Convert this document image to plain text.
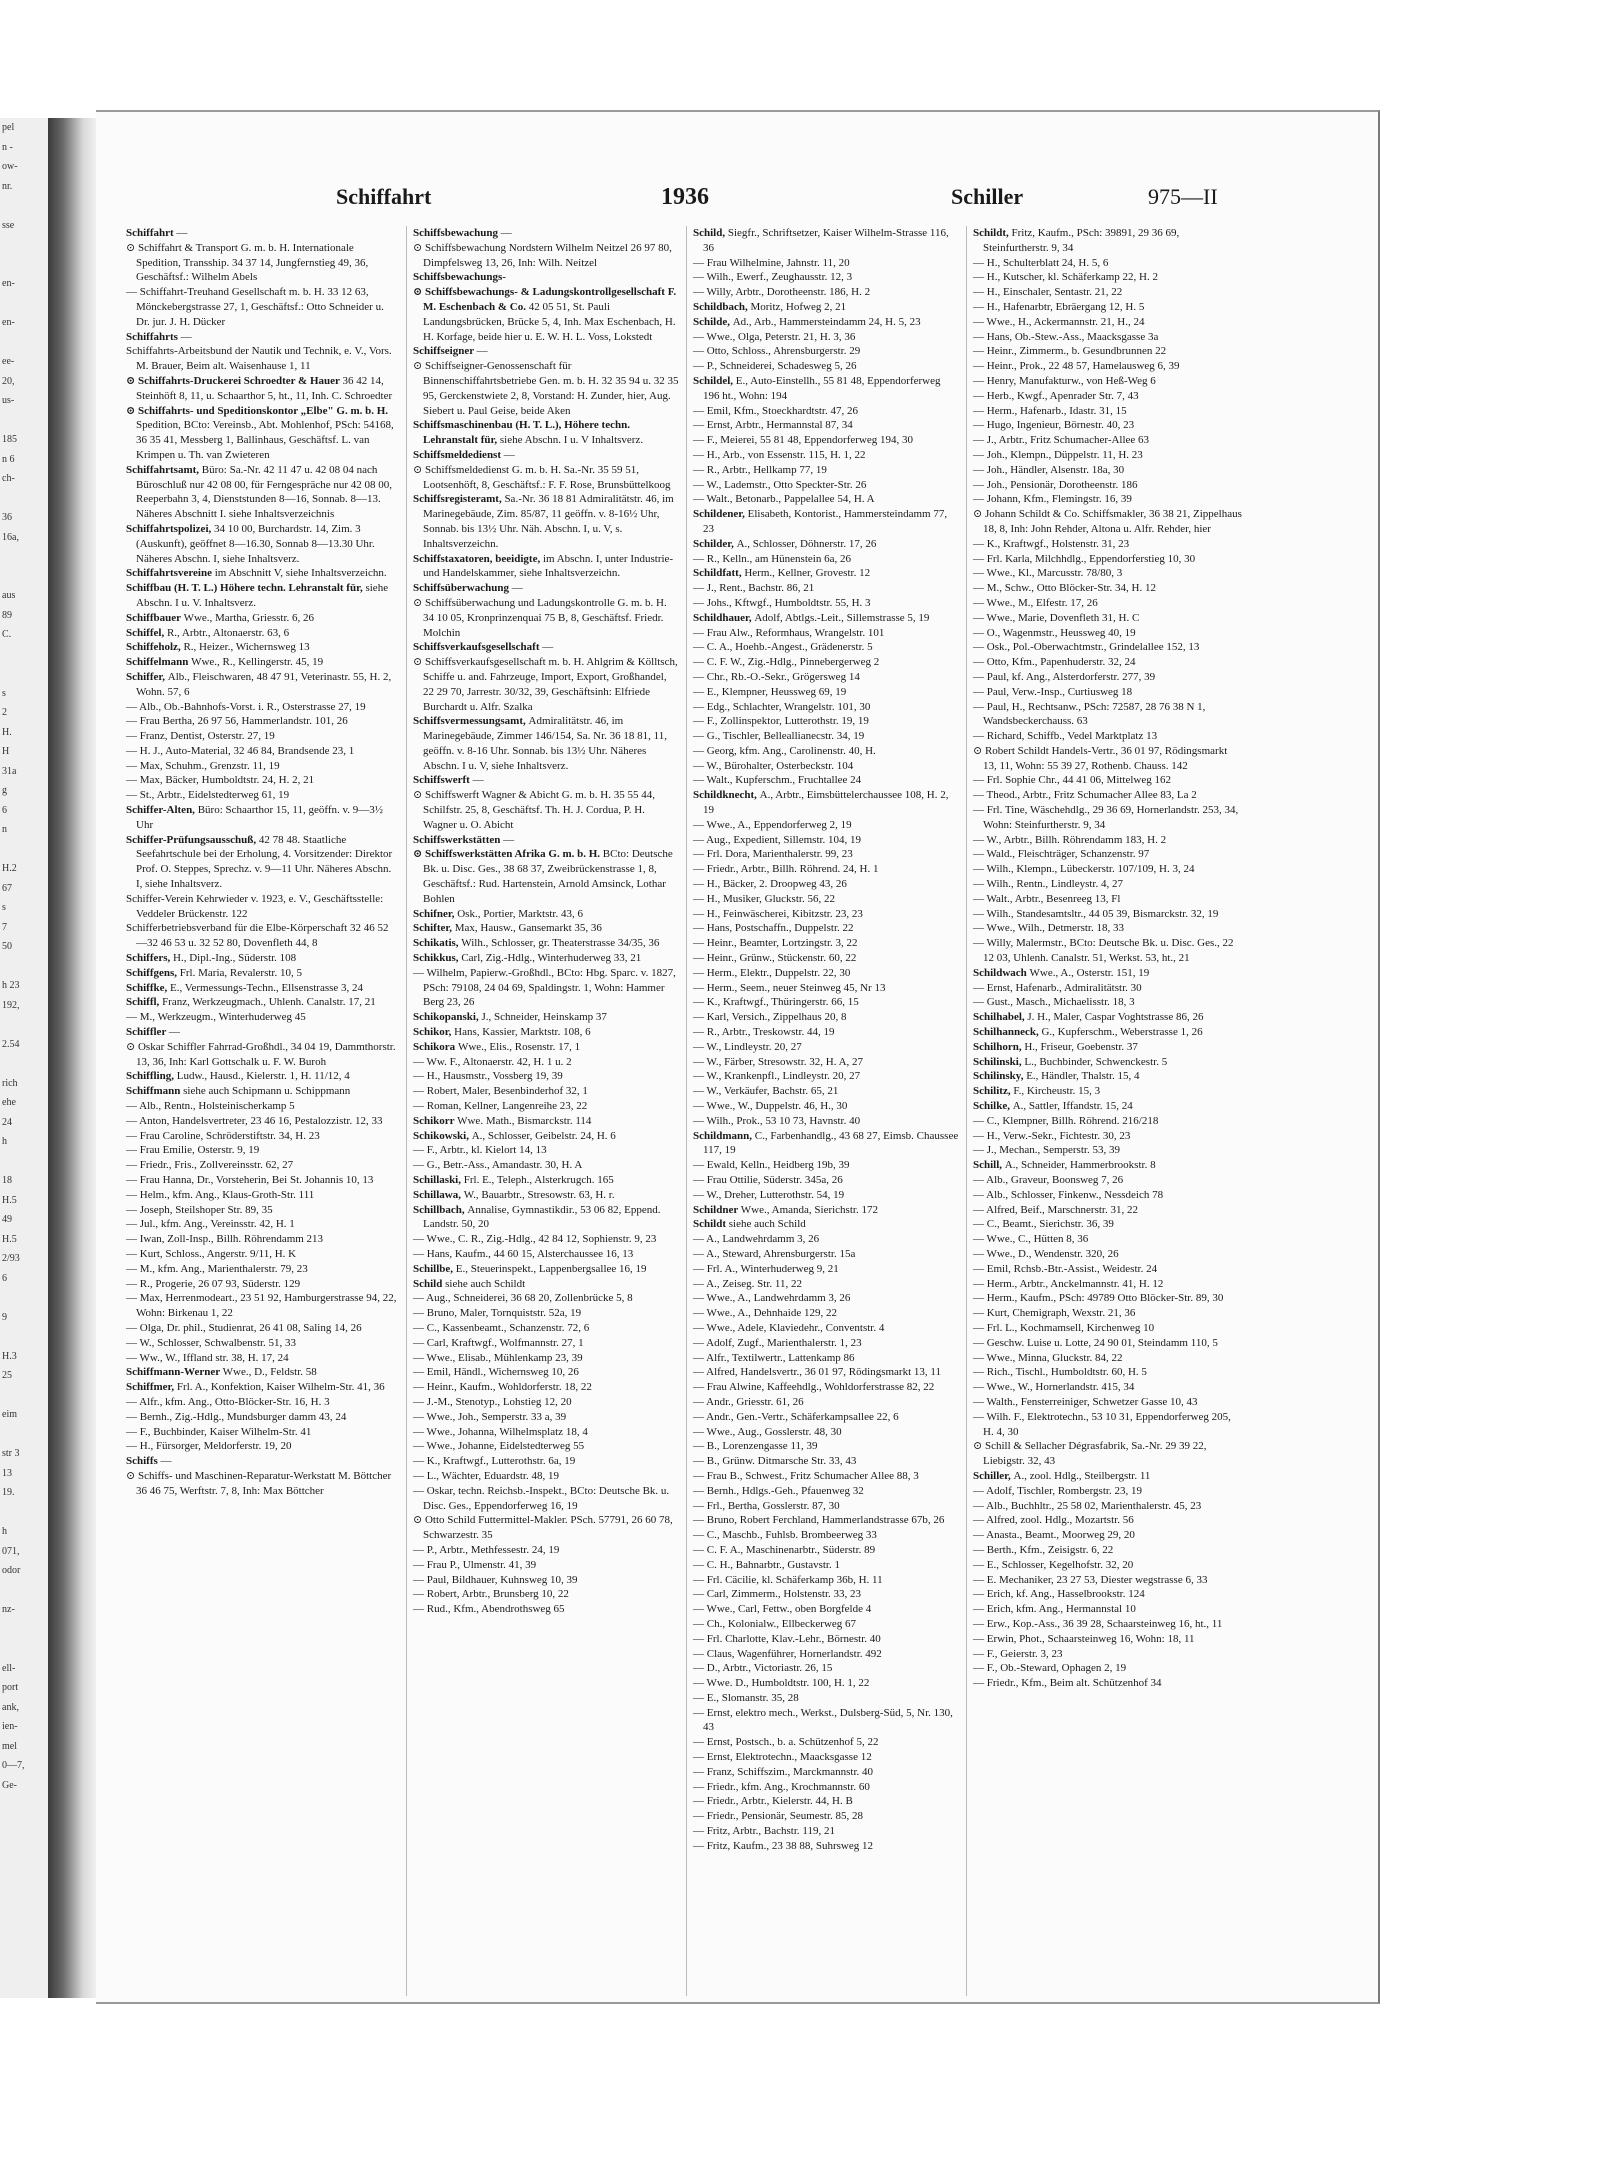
pel
n -
ow-
nr.

sse

en-

en-

ee-
20,
us-

185
n 6
ch-

36
16a,

aus
89
C.

s
2
H.
H
31a
g
6
n

H.2
67
s
7
50

h 23
192,

2.54

rich
ehe
24
h

18
H.5
49
H.5
2/93
6

9

H.3
25

eim

str 3
13
19.

h
071,
odor

nz-

ell-
port
ank,
ien-
mel
0—7,
Ge-
Schiffahrt	1936	Schiller	975—II

Schiffahrt —

⊙ Schiffahrt & Transport G. m. b. H. Internationale Spedition, Transship. 34 37 14, Jungfernstieg 49, 36, Geschäftsf.: Wilhelm Abels

— Schiffahrt-Treuhand Gesellschaft m. b. H. 33 12 63, Mönckebergstrasse 27, 1, Geschäftsf.: Otto Schneider u. Dr. jur. J. H. Dücker

Schiffahrts —

Schiffahrts-Arbeitsbund der Nautik und Technik, e. V., Vors. M. Brauer, Beim alt. Waisenhause 1, 11

⊙ Schiffahrts-Druckerei Schroedter & Hauer 36 42 14, Steinhöft 8, 11, u. Schaarthor 5, ht., 11, Inh. C. Schroedter

⊙ Schiffahrts- und Speditionskontor „Elbe" G. m. b. H. Spedition, BCto: Vereinsb., Abt. Mohlenhof, PSch: 54168, 36 35 41, Messberg 1, Ballinhaus, Geschäftsf. L. van Krimpen u. Th. van Zwieteren

Schiffahrtsamt, Büro: Sa.-Nr. 42 11 47 u. 42 08 04 nach Büroschluß nur 42 08 00, für Ferngespräche nur 42 08 00, Reeperbahn 3, 4, Dienststunden 8—16, Sonnab. 8—13. Näheres Abschnitt I. siehe Inhaltsverzeichnis

Schiffahrtspolizei, 34 10 00, Burchardstr. 14, Zim. 3 (Auskunft), geöffnet 8—16.30, Sonnab 8—13.30 Uhr. Näheres Abschn. I, siehe Inhaltsverz.

Schiffahrtsvereine im Abschnitt V, siehe Inhaltsverzeichn.

Schiffbau (H. T. L.) Höhere techn. Lehranstalt für, siehe Abschn. I u. V. Inhaltsverz.

Schiffbauer Wwe., Martha, Griesstr. 6, 26

Schiffel, R., Arbtr., Altonaerstr. 63, 6

Schiffeholz, R., Heizer., Wichernsweg 13

Schiffelmann Wwe., R., Kellingerstr. 45, 19

Schiffer, Alb., Fleischwaren, 48 47 91, Veterinastr. 55, H. 2, Wohn. 57, 6

— Alb., Ob.-Bahnhofs-Vorst. i. R., Osterstrasse 27, 19

— Frau Bertha, 26 97 56, Hammerlandstr. 101, 26

— Franz, Dentist, Osterstr. 27, 19

— H. J., Auto-Material, 32 46 84, Brandsende 23, 1

— Max, Schuhm., Grenzstr. 11, 19

— Max, Bäcker, Humboldtstr. 24, H. 2, 21

— St., Arbtr., Eidelstedterweg 61, 19

Schiffer-Alten, Büro: Schaarthor 15, 11, geöffn. v. 9—3½ Uhr

Schiffer-Prüfungsausschuß, 42 78 48. Staatliche Seefahrtschule bei der Erholung, 4. Vorsitzender: Direktor Prof. O. Steppes, Sprechz. v. 9—11 Uhr. Näheres Abschn. I, siehe Inhaltsverz.

Schiffer-Verein Kehrwieder v. 1923, e. V., Geschäftsstelle: Veddeler Brückenstr. 122

Schifferbetriebsverband für die Elbe-Körperschaft 32 46 52—32 46 53 u. 32 52 80, Dovenfleth 44, 8

Schiffers, H., Dipl.-Ing., Süderstr. 108

Schiffgens, Frl. Maria, Revalerstr. 10, 5

Schiffke, E., Vermessungs-Techn., Ellsenstrasse 3, 24

Schiffl, Franz, Werkzeugmach., Uhlenh. Canalstr. 17, 21

— M., Werkzeugm., Winterhuderweg 45

Schiffler —

⊙ Oskar Schiffler Fahrrad-Großhdl., 34 04 19, Dammthorstr. 13, 36, Inh: Karl Gottschalk u. F. W. Buroh

Schiffling, Ludw., Hausd., Kielerstr. 1, H. 11/12, 4

Schiffmann siehe auch Schipmann u. Schippmann

— Alb., Rentn., Holsteinischerkamp 5

— Anton, Handelsvertreter, 23 46 16, Pestalozzistr. 12, 33

— Frau Caroline, Schröderstiftstr. 34, H. 23

— Frau Emilie, Osterstr. 9, 19

— Friedr., Fris., Zollvereinsstr. 62, 27

— Frau Hanna, Dr., Vorsteherin, Bei St. Johannis 10, 13

— Helm., kfm. Ang., Klaus-Groth-Str. 111

— Joseph, Steilshoper Str. 89, 35

— Jul., kfm. Ang., Vereinsstr. 42, H. 1

— Iwan, Zoll-Insp., Billh. Röhrendamm 213

— Kurt, Schloss., Angerstr. 9/11, H. K

— M., kfm. Ang., Marienthalerstr. 79, 23

— R., Progerie, 26 07 93, Süderstr. 129

— Max, Herrenmodeart., 23 51 92, Hamburgerstrasse 94, 22, Wohn: Birkenau 1, 22

— Olga, Dr. phil., Studienrat, 26 41 08, Saling 14, 26

— W., Schlosser, Schwalbenstr. 51, 33

— Ww., W., Iffland str. 38, H. 17, 24

Schiffmann-Werner Wwe., D., Feldstr. 58

Schiffmer, Frl. A., Konfektion, Kaiser Wilhelm-Str. 41, 36

— Alfr., kfm. Ang., Otto-Blöcker-Str. 16, H. 3

— Bernh., Zig.-Hdlg., Mundsburger damm 43, 24

— F., Buchbinder, Kaiser Wilhelm-Str. 41

— H., Fürsorger, Meldorferstr. 19, 20

Schiffs —

⊙ Schiffs- und Maschinen-Reparatur-Werkstatt M. Böttcher 36 46 75, Werftstr. 7, 8, Inh: Max Böttcher

Schiffsbewachung —

⊙ Schiffsbewachung Nordstern Wilhelm Neitzel 26 97 80, Dimpfelsweg 13, 26, Inh: Wilh. Neitzel

Schiffsbewachungs-

⊙ Schiffsbewachungs- & Ladungskontrollgesellschaft F. M. Eschenbach & Co. 42 05 51, St. Pauli Landungsbrücken, Brücke 5, 4, Inh. Max Eschenbach, H. H. Korfage, beide hier u. E. W. H. L. Voss, Lokstedt

Schiffseigner —

⊙ Schiffseigner-Genossenschaft für Binnenschiffahrtsbetriebe Gen. m. b. H. 32 35 94 u. 32 35 95, Gerckenstwiete 2, 8, Vorstand: H. Zunder, hier, Aug. Siebert u. Paul Geise, beide Aken

Schiffsmaschinenbau (H. T. L.), Höhere techn. Lehranstalt für, siehe Abschn. I u. V Inhaltsverz.

Schiffsmeldedienst —

⊙ Schiffsmeldedienst G. m. b. H. Sa.-Nr. 35 59 51, Lootsenhöft, 8, Geschäftsf.: F. F. Rose, Brunsbüttelkoog

Schiffsregisteramt, Sa.-Nr. 36 18 81 Admiralitätstr. 46, im Marinegebäude, Zim. 85/87, 11 geöffn. v. 8-16½ Uhr, Sonnab. bis 13½ Uhr. Näh. Abschn. I, u. V, s. Inhaltsverzeichn.

Schiffstaxatoren, beeidigte, im Abschn. I, unter Industrie- und Handelskammer, siehe Inhaltsverzeichn.

Schiffsüberwachung —

⊙ Schiffsüberwachung und Ladungskontrolle G. m. b. H. 34 10 05, Kronprinzenquai 75 B, 8, Geschäftsf. Friedr. Molchin

Schiffsverkaufsgesellschaft —

⊙ Schiffsverkaufsgesellschaft m. b. H. Ahlgrim & Kölltsch, Schiffe u. and. Fahrzeuge, Import, Export, Großhandel, 22 29 70, Jarrestr. 30/32, 39, Geschäftsinh: Elfriede Burchardt u. Alfr. Szalka

Schiffsvermessungsamt, Admiralitätstr. 46, im Marinegebäude, Zimmer 146/154, Sa. Nr. 36 18 81, 11, geöffn. v. 8-16 Uhr. Sonnab. bis 13½ Uhr. Näheres Abschn. I u. V, siehe Inhaltsverz.

Schiffswerft —

⊙ Schiffswerft Wagner & Abicht G. m. b. H. 35 55 44, Schilfstr. 25, 8, Geschäftsf. Th. H. J. Cordua, P. H. Wagner u. O. Abicht

Schiffswerkstätten —

⊙ Schiffswerkstätten Afrika G. m. b. H. BCto: Deutsche Bk. u. Disc. Ges., 38 68 37, Zweibrückenstrasse 1, 8, Geschäftsf.: Rud. Hartenstein, Arnold Amsinck, Lothar Bohlen

Schifner, Osk., Portier, Marktstr. 43, 6

Schifter, Max, Hausw., Gansemarkt 35, 36

Schikatis, Wilh., Schlosser, gr. Theaterstrasse 34/35, 36

Schikkus, Carl, Zig.-Hdlg., Winterhuderweg 33, 21

— Wilhelm, Papierw.-Großhdl., BCto: Hbg. Sparc. v. 1827, PSch: 79108, 24 04 69, Spaldingstr. 1, Wohn: Hammer Berg 23, 26

Schikopanski, J., Schneider, Heinskamp 37

Schikor, Hans, Kassier, Marktstr. 108, 6

Schikora Wwe., Elis., Rosenstr. 17, 1

— Ww. F., Altonaerstr. 42, H. 1 u. 2

— H., Hausmstr., Vossberg 19, 39

— Robert, Maler, Besenbinderhof 32, 1

— Roman, Kellner, Langenreihe 23, 22

Schikorr Wwe. Math., Bismarckstr. 114

Schikowski, A., Schlosser, Geibelstr. 24, H. 6

— F., Arbtr., kl. Kielort 14, 13

— G., Betr.-Ass., Amandastr. 30, H. A

Schillaski, Frl. E., Teleph., Alsterkrugch. 165

Schillawa, W., Bauarbtr., Stresowstr. 63, H. r.

Schillbach, Annalise, Gymnastikdir., 53 06 82, Eppend. Landstr. 50, 20

— Wwe., C. R., Zig.-Hdlg., 42 84 12, Sophienstr. 9, 23

— Hans, Kaufm., 44 60 15, Alsterchaussee 16, 13

Schillbe, E., Steuerinspekt., Lappenbergsallee 16, 19

Schild siehe auch Schildt

— Aug., Schneiderei, 36 68 20, Zollenbrücke 5, 8

— Bruno, Maler, Tornquiststr. 52a, 19

— C., Kassenbeamt., Schanzenstr. 72, 6

— Carl, Kraftwgf., Wolfmannstr. 27, 1

— Wwe., Elisab., Mühlenkamp 23, 39

— Emil, Händl., Wichernsweg 10, 26

— Heinr., Kaufm., Wohldorferstr. 18, 22

— J.-M., Stenotyp., Lohstieg 12, 20

— Wwe., Joh., Semperstr. 33 a, 39

— Wwe., Johanna, Wilhelmsplatz 18, 4

— Wwe., Johanne, Eidelstedterweg 55

— K., Kraftwgf., Lutterothstr. 6a, 19

— L., Wächter, Eduardstr. 48, 19

— Oskar, techn. Reichsb.-Inspekt., BCto: Deutsche Bk. u. Disc. Ges., Eppendorferweg 16, 19

⊙ Otto Schild Futtermittel-Makler. PSch. 57791, 26 60 78, Schwarzestr. 35

— P., Arbtr., Methfessestr. 24, 19

— Frau P., Ulmenstr. 41, 39

— Paul, Bildhauer, Kuhnsweg 10, 39

— Robert, Arbtr., Brunsberg 10, 22

— Rud., Kfm., Abendrothsweg 65

Schild, Siegfr., Schriftsetzer, Kaiser Wilhelm-Strasse 116, 36

— Frau Wilhelmine, Jahnstr. 11, 20

— Wilh., Ewerf., Zeughausstr. 12, 3

— Willy, Arbtr., Dorotheenstr. 186, H. 2

Schildbach, Moritz, Hofweg 2, 21

Schilde, Ad., Arb., Hammersteindamm 24, H. 5, 23

— Wwe., Olga, Peterstr. 21, H. 3, 36

— Otto, Schloss., Ahrensburgerstr. 29

— P., Schneiderei, Schadesweg 5, 26

Schildel, E., Auto-Einstellh., 55 81 48, Eppendorferweg 196 ht., Wohn: 194

— Emil, Kfm., Stoeckhardtstr. 47, 26

— Ernst, Arbtr., Hermannstal 87, 34

— F., Meierei, 55 81 48, Eppendorferweg 194, 30

— H., Arb., von Essenstr. 115, H. 1, 22

— R., Arbtr., Hellkamp 77, 19

— W., Lademstr., Otto Speckter-Str. 26

— Walt., Betonarb., Pappelallee 54, H. A

Schildener, Elisabeth, Kontorist., Hammersteindamm 77, 23

Schilder, A., Schlosser, Döhnerstr. 17, 26

— R., Kelln., am Hünenstein 6a, 26

Schildfatt, Herm., Kellner, Grovestr. 12

— J., Rent., Bachstr. 86, 21

— Johs., Kftwgf., Humboldtstr. 55, H. 3

Schildhauer, Adolf, Abtlgs.-Leit., Sillemstrasse 5, 19

— Frau Alw., Reformhaus, Wrangelstr. 101

— C. A., Hoehb.-Angest., Grädenerstr. 5

— C. F. W., Zig.-Hdlg., Pinnebergerweg 2

— Chr., Rb.-O.-Sekr., Grögersweg 14

— E., Klempner, Heussweg 69, 19

— Edg., Schlachter, Wrangelstr. 101, 30

— F., Zollinspektor, Lutterothstr. 19, 19

— G., Tischler, Belleallianecstr. 34, 19

— Georg, kfm. Ang., Carolinenstr. 40, H.

— W., Bürohalter, Osterbeckstr. 104

— Walt., Kupferschm., Fruchtallee 24

Schildknecht, A., Arbtr., Eimsbüttelerchaussee 108, H. 2, 19

— Wwe., A., Eppendorferweg 2, 19

— Aug., Expedient, Sillemstr. 104, 19

— Frl. Dora, Marienthalerstr. 99, 23

— Friedr., Arbtr., Billh. Röhrend. 24, H. 1

— H., Bäcker, 2. Droopweg 43, 26

— H., Musiker, Gluckstr. 56, 22

— H., Feinwäscherei, Kibitzstr. 23, 23

— Hans, Postschaffn., Duppelstr. 22

— Heinr., Beamter, Lortzingstr. 3, 22

— Heinr., Grünw., Stückenstr. 60, 22

— Herm., Elektr., Duppelstr. 22, 30

— Herm., Seem., neuer Steinweg 45, Nr 13

— K., Kraftwgf., Thüringerstr. 66, 15

— Karl, Versich., Zippelhaus 20, 8

— R., Arbtr., Treskowstr. 44, 19

— W., Lindleystr. 20, 27

— W., Färber, Stresowstr. 32, H. A, 27

— W., Krankenpfl., Lindleystr. 20, 27

— W., Verkäufer, Bachstr. 65, 21

— Wwe., W., Duppelstr. 46, H., 30

— Wilh., Prok., 53 10 73, Havnstr. 40

Schildmann, C., Farbenhandlg., 43 68 27, Eimsb. Chaussee 117, 19

— Ewald, Kelln., Heidberg 19b, 39

— Frau Ottilie, Süderstr. 345a, 26

— W., Dreher, Lutterothstr. 54, 19

Schildner Wwe., Amanda, Sierichstr. 172

Schildt siehe auch Schild

— A., Landwehrdamm 3, 26

— A., Steward, Ahrensburgerstr. 15a

— Frl. A., Winterhuderweg 9, 21

— A., Zeiseg. Str. 11, 22

— Wwe., A., Landwehrdamm 3, 26

— Wwe., A., Dehnhaide 129, 22

— Wwe., Adele, Klaviedehr., Conventstr. 4

— Adolf, Zugf., Marienthalerstr. 1, 23

— Alfr., Textilwertr., Lattenkamp 86

— Alfred, Handelsvertr., 36 01 97, Rödingsmarkt 13, 11

— Frau Alwine, Kaffeehdlg., Wohldorferstrasse 82, 22

— Andr., Griesstr. 61, 26

— Andr., Gen.-Vertr., Schäferkampsallee 22, 6

— Wwe., Aug., Gosslerstr. 48, 30

— B., Lorenzengasse 11, 39

— B., Grünw. Ditmarsche Str. 33, 43

— Frau B., Schwest., Fritz Schumacher Allee 88, 3

— Bernh., Hdlgs.-Geh., Pfauenweg 32

— Frl., Bertha, Gosslerstr. 87, 30

— Bruno, Robert Ferchland, Hammerlandstrasse 67b, 26

— C., Maschb., Fuhlsb. Brombeerweg 33

— C. F. A., Maschinenarbtr., Süderstr. 89

— C. H., Bahnarbtr., Gustavstr. 1

— Frl. Cäcilie, kl. Schäferkamp 36b, H. 11

— Carl, Zimmerm., Holstenstr. 33, 23

— Wwe., Carl, Fettw., oben Borgfelde 4

— Ch., Kolonialw., Ellbeckerweg 67

— Frl. Charlotte, Klav.-Lehr., Börnestr. 40

— Claus, Wagenführer, Hornerlandstr. 492

— D., Arbtr., Victoriastr. 26, 15

— Wwe. D., Humboldtstr. 100, H. 1, 22

— E., Slomanstr. 35, 28

— Ernst, elektro mech., Werkst., Dulsberg-Süd, 5, Nr. 130, 43

— Ernst, Postsch., b. a. Schützenhof 5, 22

— Ernst, Elektrotechn., Maacksgasse 12

— Franz, Schiffszim., Marckmannstr. 40

— Friedr., kfm. Ang., Krochmannstr. 60

— Friedr., Arbtr., Kielerstr. 44, H. B

— Friedr., Pensionär, Seumestr. 85, 28

— Fritz, Arbtr., Bachstr. 119, 21

— Fritz, Kaufm., 23 38 88, Suhrsweg 12

Schildt, Fritz, Kaufm., PSch: 39891, 29 36 69, Steinfurtherstr. 9, 34

— H., Schulterblatt 24, H. 5, 6

— H., Kutscher, kl. Schäferkamp 22, H. 2

— H., Einschaler, Sentastr. 21, 22

— H., Hafenarbtr, Ebräergang 12, H. 5

— Wwe., H., Ackermannstr. 21, H., 24

— Hans, Ob.-Stew.-Ass., Maacksgasse 3a

— Heinr., Zimmerm., b. Gesundbrunnen 22

— Heinr., Prok., 22 48 57, Hamelausweg 6, 39

— Henry, Manufakturw., von Heß-Weg 6

— Herb., Kwgf., Apenrader Str. 7, 43

— Herm., Hafenarb., Idastr. 31, 15

— Hugo, Ingenieur, Börnestr. 40, 23

— J., Arbtr., Fritz Schumacher-Allee 63

— Joh., Klempn., Düppelstr. 11, H. 23

— Joh., Händler, Alsenstr. 18a, 30

— Joh., Pensionär, Dorotheenstr. 186

— Johann, Kfm., Flemingstr. 16, 39

⊙ Johann Schildt & Co. Schiffsmakler, 36 38 21, Zippelhaus 18, 8, Inh: John Rehder, Altona u. Alfr. Rehder, hier

— K., Kraftwgf., Holstenstr. 31, 23

— Frl. Karla, Milchhdlg., Eppendorferstieg 10, 30

— Wwe., Kl., Marcusstr. 78/80, 3

— M., Schw., Otto Blöcker-Str. 34, H. 12

— Wwe., M., Elfestr. 17, 26

— Wwe., Marie, Dovenfleth 31, H. C

— O., Wagenmstr., Heussweg 40, 19

— Osk., Pol.-Oberwachtmstr., Grindelallee 152, 13

— Otto, Kfm., Papenhuderstr. 32, 24

— Paul, kf. Ang., Alsterdorferstr. 277, 39

— Paul, Verw.-Insp., Curtiusweg 18

— Paul, H., Rechtsanw., PSch: 72587, 28 76 38 N 1, Wandsbeckerchauss. 63

— Richard, Schiffb., Vedel Marktplatz 13

⊙ Robert Schildt Handels-Vertr., 36 01 97, Rödingsmarkt 13, 11, Wohn: 55 39 27, Rothenb. Chauss. 142

— Frl. Sophie Chr., 44 41 06, Mittelweg 162

— Theod., Arbtr., Fritz Schumacher Allee 83, La 2

— Frl. Tine, Wäschehdlg., 29 36 69, Hornerlandstr. 253, 34, Wohn: Steinfurtherstr. 9, 34

— W., Arbtr., Billh. Röhrendamm 183, H. 2

— Wald., Fleischträger, Schanzenstr. 97

— Wilh., Klempn., Lübeckerstr. 107/109, H. 3, 24

— Wilh., Rentn., Lindleystr. 4, 27

— Walt., Arbtr., Besenreeg 13, Fl

— Wilh., Standesamtsltr., 44 05 39, Bismarckstr. 32, 19

— Wwe., Wilh., Detmerstr. 18, 33

— Willy, Malermstr., BCto: Deutsche Bk. u. Disc. Ges., 22 12 03, Uhlenh. Canalstr. 51, Werkst. 53, ht., 21

Schildwach Wwe., A., Osterstr. 151, 19

— Ernst, Hafenarb., Admiralitätstr. 30

— Gust., Masch., Michaelisstr. 18, 3

Schilhabel, J. H., Maler, Caspar Voghtstrasse 86, 26

Schilhanneck, G., Kupferschm., Weberstrasse 1, 26

Schilhorn, H., Friseur, Goebenstr. 37

Schilinski, L., Buchbinder, Schwenckestr. 5

Schilinsky, E., Händler, Thalstr. 15, 4

Schilitz, F., Kircheustr. 15, 3

Schilke, A., Sattler, Iffandstr. 15, 24

— C., Klempner, Billh. Röhrend. 216/218

— H., Verw.-Sekr., Fichtestr. 30, 23

— J., Mechan., Semperstr. 53, 39

Schill, A., Schneider, Hammerbrookstr. 8

— Alb., Graveur, Boonsweg 7, 26

— Alb., Schlosser, Finkenw., Nessdeich 78

— Alfred, Beif., Marschnerstr. 31, 22

— C., Beamt., Sierichstr. 36, 39

— Wwe., C., Hütten 8, 36

— Wwe., D., Wendenstr. 320, 26

— Emil, Rchsb.-Btr.-Assist., Weidestr. 24

— Herm., Arbtr., Anckelmannstr. 41, H. 12

— Herm., Kaufm., PSch: 49789 Otto Blöcker-Str. 89, 30

— Kurt, Chemigraph, Wexstr. 21, 36

— Frl. L., Kochmamsell, Kirchenweg 10

— Geschw. Luise u. Lotte, 24 90 01, Steindamm 110, 5

— Wwe., Minna, Gluckstr. 84, 22

— Rich., Tischl., Humboldtstr. 60, H. 5

— Wwe., W., Hornerlandstr. 415, 34

— Walth., Fensterreiniger, Schwetzer Gasse 10, 43

— Wilh. F., Elektrotechn., 53 10 31, Eppendorferweg 205, H. 4, 30

⊙ Schill & Sellacher Dégrasfabrik, Sa.-Nr. 29 39 22, Liebigstr. 32, 43

Schiller, A., zool. Hdlg., Steilbergstr. 11

— Adolf, Tischler, Rombergstr. 23, 19

— Alb., Buchhltr., 25 58 02, Marienthalerstr. 45, 23

— Alfred, zool. Hdlg., Mozartstr. 56

— Anasta., Beamt., Moorweg 29, 20

— Berth., Kfm., Zeisigstr. 6, 22

— E., Schlosser, Kegelhofstr. 32, 20

— E. Mechaniker, 23 27 53, Diester wegstrasse 6, 33

— Erich, kf. Ang., Hasselbrookstr. 124

— Erich, kfm. Ang., Hermannstal 10

— Erw., Kop.-Ass., 36 39 28, Schaarsteinweg 16, ht., 11

— Erwin, Phot., Schaarsteinweg 16, Wohn: 18, 11

— F., Geierstr. 3, 23

— F., Ob.-Steward, Ophagen 2, 19

— Friedr., Kfm., Beim alt. Schützenhof 34
